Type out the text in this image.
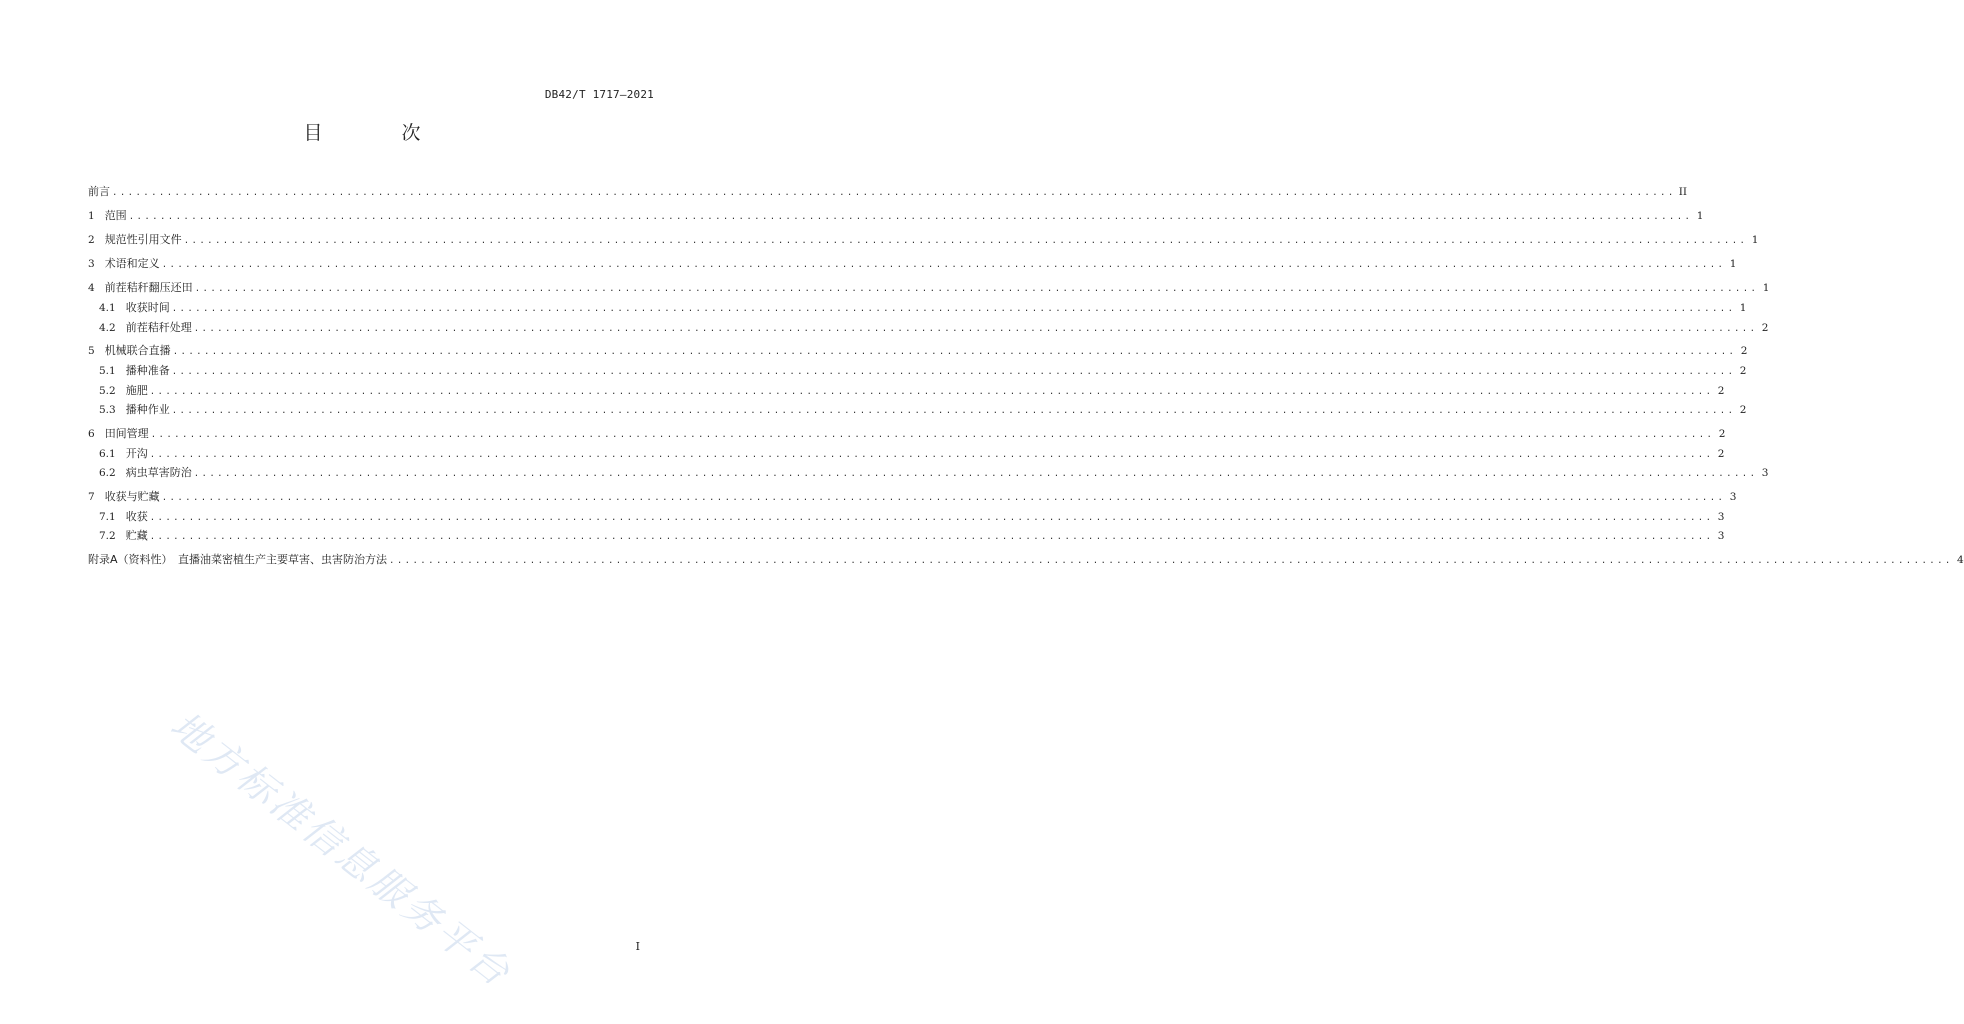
DB42/T 1717—2021
目　次
前言 ........................................................................................................................................................................................................ II
1 范围 ........................................................................................................................................................................................................ 1
2 规范性引用文件 ........................................................................................................................................................................................................ 1
3 术语和定义 ........................................................................................................................................................................................................ 1
4 前茬秸秆翻压还田 ........................................................................................................................................................................................................ 1
4.1 收获时间 ........................................................................................................................................................................................................ 1
4.2 前茬秸秆处理 ........................................................................................................................................................................................................ 2
5 机械联合直播 ........................................................................................................................................................................................................ 2
5.1 播种准备 ........................................................................................................................................................................................................ 2
5.2 施肥 ........................................................................................................................................................................................................ 2
5.3 播种作业 ........................................................................................................................................................................................................ 2
6 田间管理 ........................................................................................................................................................................................................ 2
6.1 开沟 ........................................................................................................................................................................................................ 2
6.2 病虫草害防治 ........................................................................................................................................................................................................ 3
7 收获与贮藏 ........................................................................................................................................................................................................ 3
7.1 收获 ........................................................................................................................................................................................................ 3
7.2 贮藏 ........................................................................................................................................................................................................ 3
附录A（资料性）　直播油菜密植生产主要草害、虫害防治方法 ........................................................................................................................................................................................................ 4
地方标准信息服务平台	I
